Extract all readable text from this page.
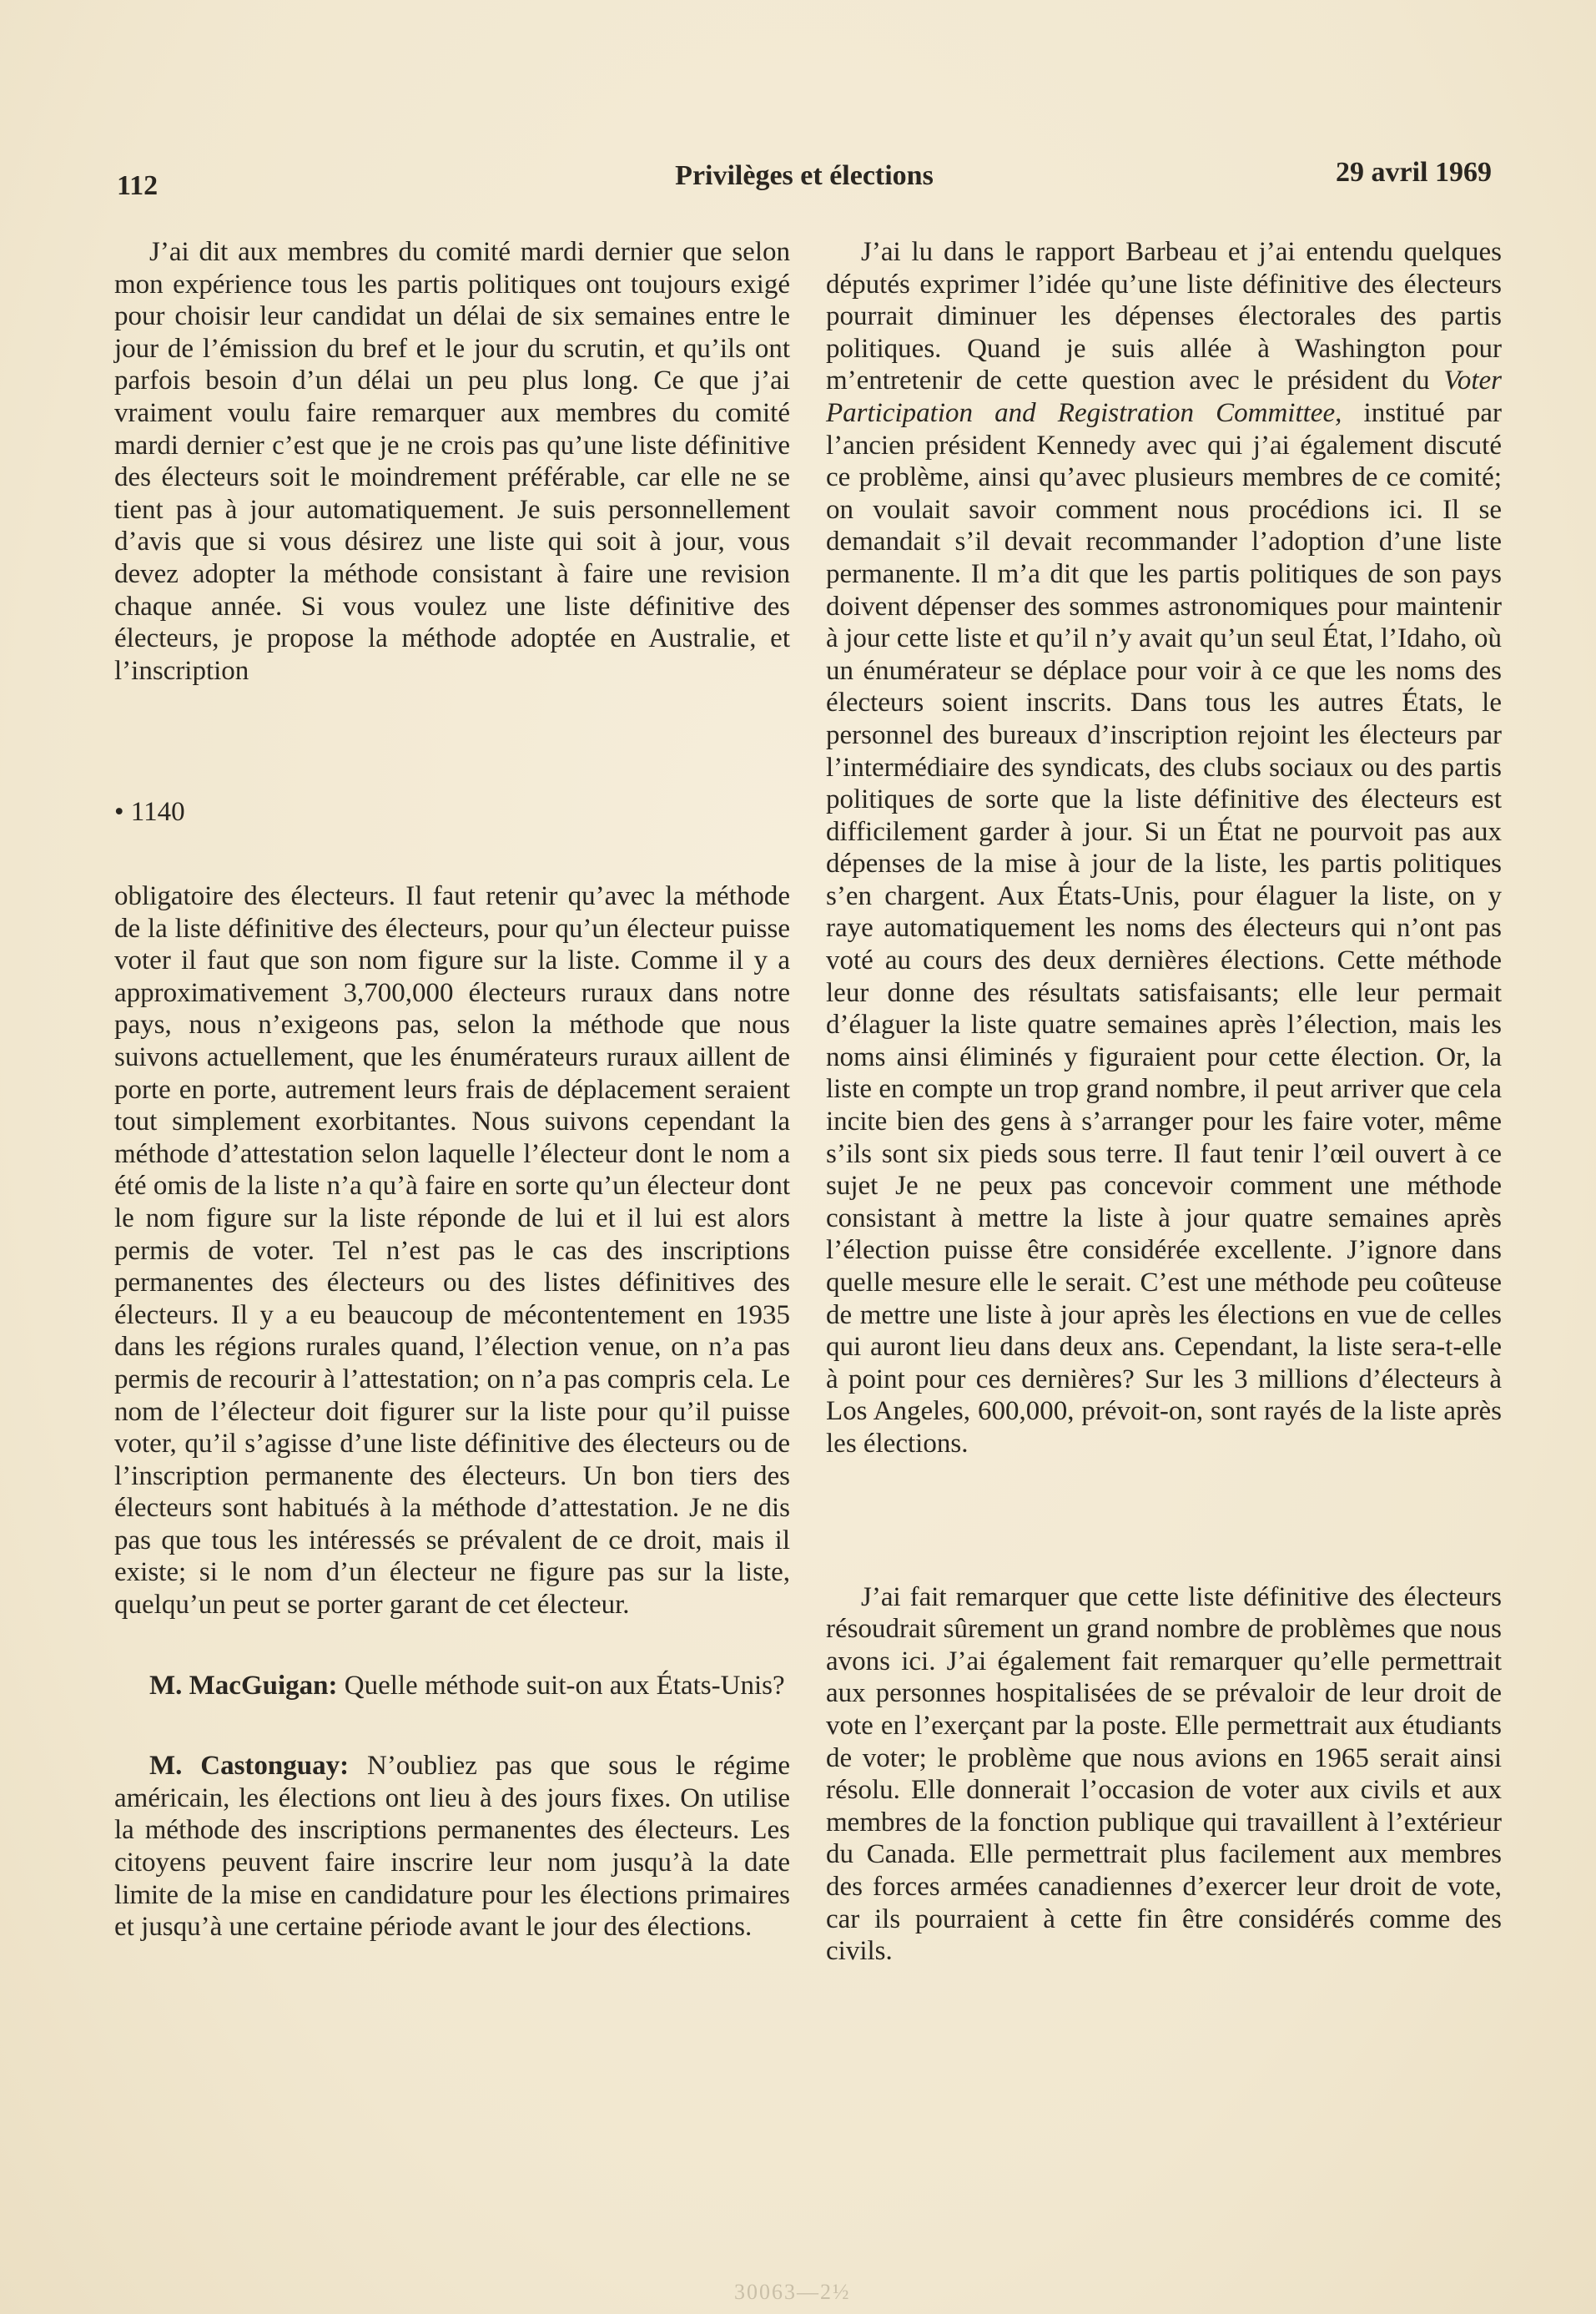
112	Privilèges et élections	29 avril 1969

J’ai dit aux membres du comité mardi dernier que selon mon expérience tous les partis politiques ont toujours exigé pour choisir leur candidat un délai de six semaines entre le jour de l’émission du bref et le jour du scrutin, et qu’ils ont parfois besoin d’un délai un peu plus long. Ce que j’ai vraiment voulu faire remarquer aux membres du comité mardi dernier c’est que je ne crois pas qu’une liste définitive des électeurs soit le moindrement préférable, car elle ne se tient pas à jour automatiquement. Je suis personnellement d’avis que si vous désirez une liste qui soit à jour, vous devez adopter la méthode consistant à faire une revision chaque année. Si vous voulez une liste définitive des électeurs, je propose la méthode adoptée en Australie, et l’inscription

• 1140

obligatoire des électeurs. Il faut retenir qu’avec la méthode de la liste définitive des électeurs, pour qu’un électeur puisse voter il faut que son nom figure sur la liste. Comme il y a approximativement 3,700,000 électeurs ruraux dans notre pays, nous n’exigeons pas, selon la méthode que nous suivons actuellement, que les énumérateurs ruraux aillent de porte en porte, autrement leurs frais de déplacement seraient tout simplement exorbitantes. Nous suivons cependant la méthode d’attestation selon laquelle l’électeur dont le nom a été omis de la liste n’a qu’à faire en sorte qu’un électeur dont le nom figure sur la liste réponde de lui et il lui est alors permis de voter. Tel n’est pas le cas des inscriptions permanentes des électeurs ou des listes définitives des électeurs. Il y a eu beaucoup de mécontentement en 1935 dans les régions rurales quand, l’élection venue, on n’a pas permis de recourir à l’attestation; on n’a pas compris cela. Le nom de l’électeur doit figurer sur la liste pour qu’il puisse voter, qu’il s’agisse d’une liste définitive des électeurs ou de l’inscription permanente des électeurs. Un bon tiers des électeurs sont habitués à la méthode d’attestation. Je ne dis pas que tous les intéressés se prévalent de ce droit, mais il existe; si le nom d’un électeur ne figure pas sur la liste, quelqu’un peut se porter garant de cet électeur.

M. MacGuigan: Quelle méthode suit-on aux États-Unis?

M. Castonguay: N’oubliez pas que sous le régime américain, les élections ont lieu à des jours fixes. On utilise la méthode des inscriptions permanentes des électeurs. Les citoyens peuvent faire inscrire leur nom jusqu’à la date limite de la mise en candidature pour les élections primaires et jusqu’à une certaine période avant le jour des élections.

J’ai lu dans le rapport Barbeau et j’ai entendu quelques députés exprimer l’idée qu’une liste définitive des électeurs pourrait diminuer les dépenses électorales des partis politiques. Quand je suis allée à Washington pour m’entretenir de cette question avec le président du Voter Participation and Registration Committee, institué par l’ancien président Kennedy avec qui j’ai également discuté ce problème, ainsi qu’avec plusieurs membres de ce comité; on voulait savoir comment nous procédions ici. Il se demandait s’il devait recommander l’adoption d’une liste permanente. Il m’a dit que les partis politiques de son pays doivent dépenser des sommes astronomiques pour maintenir à jour cette liste et qu’il n’y avait qu’un seul État, l’Idaho, où un énumérateur se déplace pour voir à ce que les noms des électeurs soient inscrits. Dans tous les autres États, le personnel des bureaux d’inscription rejoint les électeurs par l’intermédiaire des syndicats, des clubs sociaux ou des partis politiques de sorte que la liste définitive des électeurs est difficilement garder à jour. Si un État ne pourvoit pas aux dépenses de la mise à jour de la liste, les partis politiques s’en chargent. Aux États-Unis, pour élaguer la liste, on y raye automatiquement les noms des électeurs qui n’ont pas voté au cours des deux dernières élections. Cette méthode leur donne des résultats satisfaisants; elle leur permait d’élaguer la liste quatre semaines après l’élection, mais les noms ainsi éliminés y figuraient pour cette élection. Or, la liste en compte un trop grand nombre, il peut arriver que cela incite bien des gens à s’arranger pour les faire voter, même s’ils sont six pieds sous terre. Il faut tenir l’œil ouvert à ce sujet Je ne peux pas concevoir comment une méthode consistant à mettre la liste à jour quatre semaines après l’élection puisse être considérée excellente. J’ignore dans quelle mesure elle le serait. C’est une méthode peu coûteuse de mettre une liste à jour après les élections en vue de celles qui auront lieu dans deux ans. Cependant, la liste sera-t-elle à point pour ces dernières? Sur les 3 millions d’électeurs à Los Angeles, 600,000, prévoit-on, sont rayés de la liste après les élections.

J’ai fait remarquer que cette liste définitive des électeurs résoudrait sûrement un grand nombre de problèmes que nous avons ici. J’ai également fait remarquer qu’elle permettrait aux personnes hospitalisées de se prévaloir de leur droit de vote en l’exerçant par la poste. Elle permettrait aux étudiants de voter; le problème que nous avions en 1965 serait ainsi résolu. Elle donnerait l’occasion de voter aux civils et aux membres de la fonction publique qui travaillent à l’extérieur du Canada. Elle permettrait plus facilement aux membres des forces armées canadiennes d’exercer leur droit de vote, car ils pourraient à cette fin être considérés comme des civils.

30063—2½
